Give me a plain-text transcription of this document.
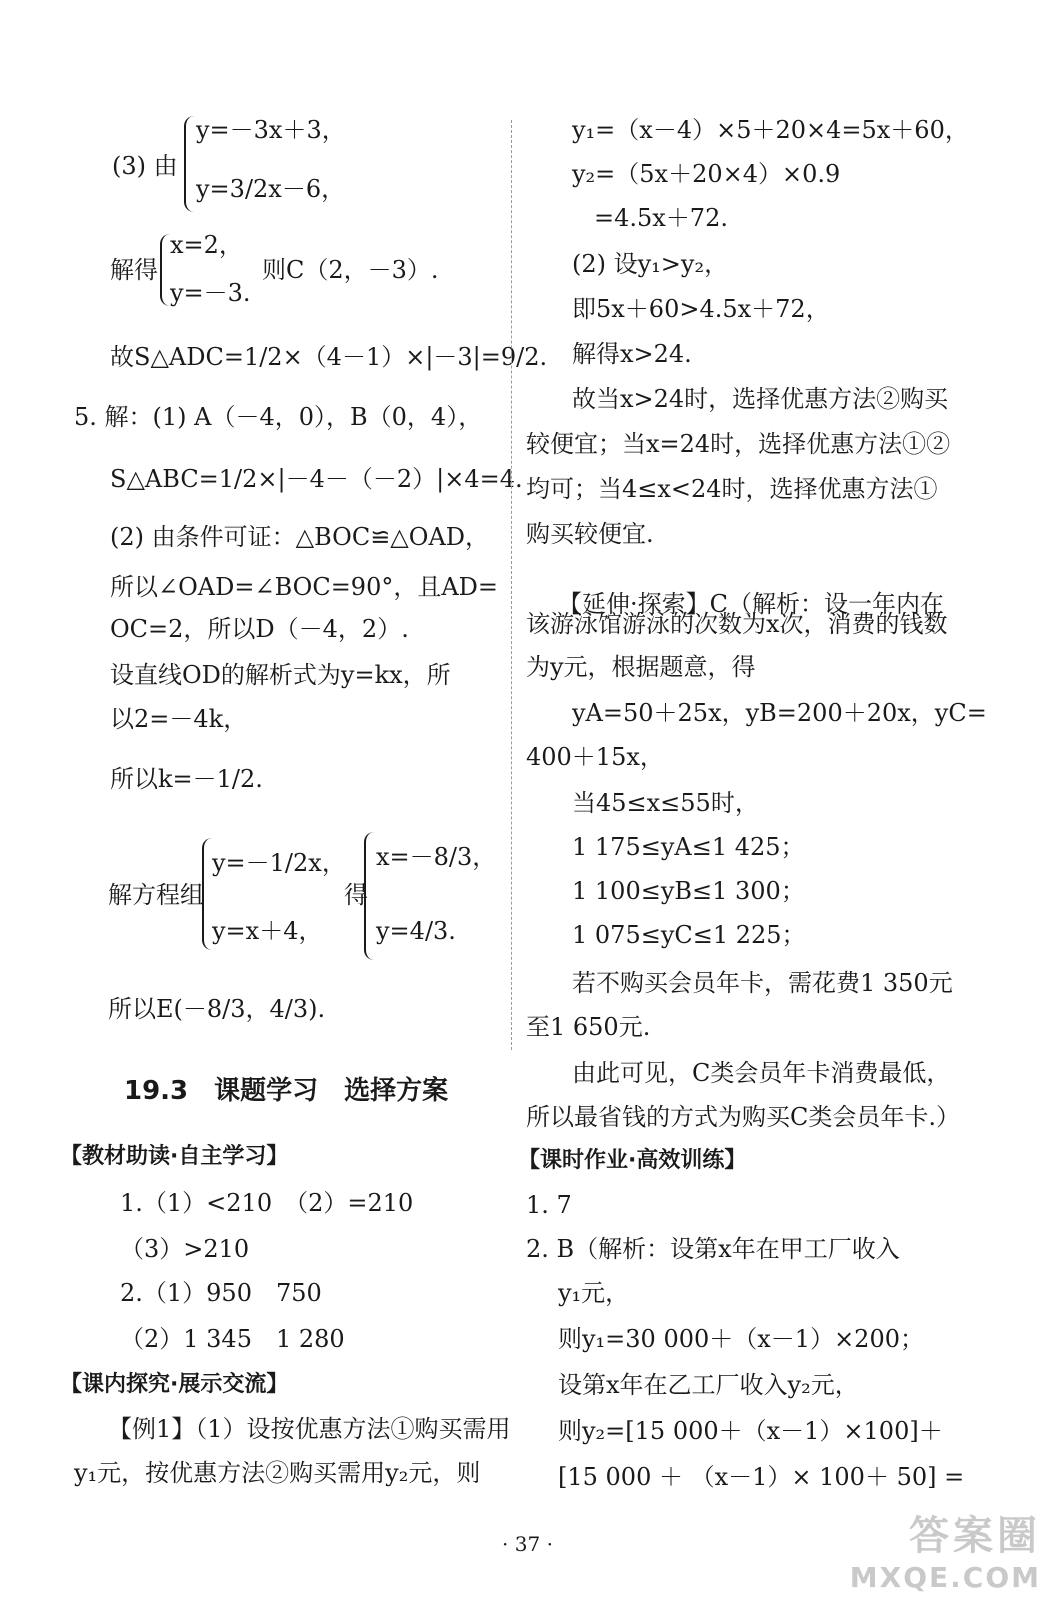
y=－3x＋3，
(3) 由
y=3/2x－6，
x=2，
解得	则C（2，－3）.
y=－3.
故S△ADC=1/2×（4－1）×|－3|=9/2.
5. 解：(1) A（－4，0），B（0，4），
S△ABC=1/2×|－4－（－2）|×4=4.
(2) 由条件可证：△BOC≌△OAD，
所以∠OAD=∠BOC=90°，且AD=
OC=2，所以D（－4，2）.
设直线OD的解析式为y=kx，所
以2=－4k，
所以k=－1/2.
y=－1/2x， x=－8/3，
解方程组	得
y=x＋4， y=4/3.
所以E(－8/3，4/3).
19.3　课题学习　选择方案
【教材助读·自主学习】
1.（1）<210　（2）=210
（3）>210
2.（1）950　750
（2）1 345　1 280
【课内探究·展示交流】
【例1】（1）设按优惠方法①购买需用
y₁元，按优惠方法②购买需用y₂元，则
y₁=（x－4）×5＋20×4=5x＋60，
y₂=（5x＋20×4）×0.9
=4.5x＋72.
(2) 设y₁>y₂，
即5x＋60>4.5x＋72，
解得x>24.
故当x>24时，选择优惠方法②购买
较便宜；当x=24时，选择优惠方法①②
均可；当4≤x<24时，选择优惠方法①
购买较便宜.
【延伸·探索】C（解析：设一年内在
该游泳馆游泳的次数为x次，消费的钱数
为y元，根据题意，得
yA=50＋25x，yB=200＋20x，yC=
400＋15x，
当45≤x≤55时，
1 175≤yA≤1 425；
1 100≤yB≤1 300；
1 075≤yC≤1 225；
若不购买会员年卡，需花费1 350元
至1 650元.
由此可见，C类会员年卡消费最低，
所以最省钱的方式为购买C类会员年卡.）
【课时作业·高效训练】
1. 7
2. B（解析：设第x年在甲工厂收入
y₁元，
则y₁=30 000＋（x－1）×200；
设第x年在乙工厂收入y₂元，
则y₂=[15 000＋（x－1）×100]＋
[15 000 ＋ （x－1）× 100＋ 50] =
· 37 ·	答案圈
MXQE.COM
